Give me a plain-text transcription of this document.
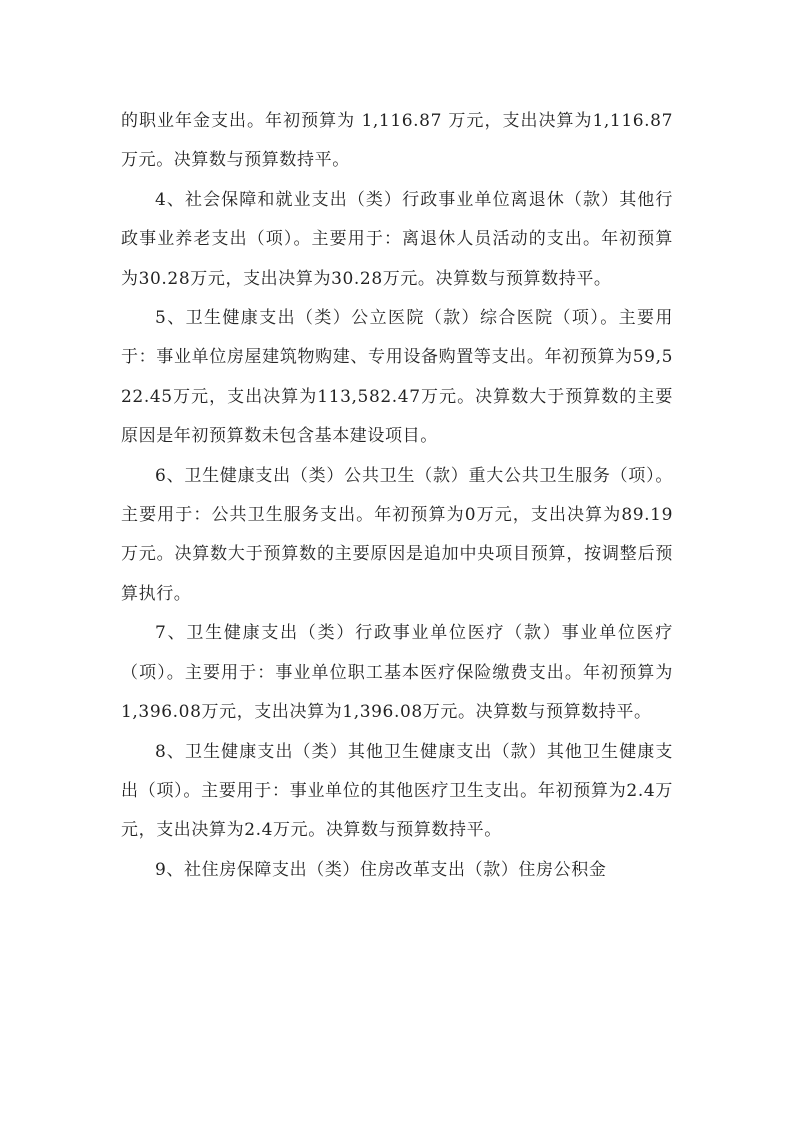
的职业年金支出。年初预算为 1,116.87 万元，支出决算为1,116.87万元。决算数与预算数持平。

4、社会保障和就业支出（类）行政事业单位离退休（款）其他行政事业养老支出（项）。主要用于：离退休人员活动的支出。年初预算为30.28万元，支出决算为30.28万元。决算数与预算数持平。

5、卫生健康支出（类）公立医院（款）综合医院（项）。主要用于：事业单位房屋建筑物购建、专用设备购置等支出。年初预算为59,522.45万元，支出决算为113,582.47万元。决算数大于预算数的主要原因是年初预算数未包含基本建设项目。

6、卫生健康支出（类）公共卫生（款）重大公共卫生服务（项）。主要用于：公共卫生服务支出。年初预算为0万元，支出决算为89.19万元。决算数大于预算数的主要原因是追加中央项目预算，按调整后预算执行。

7、卫生健康支出（类）行政事业单位医疗（款）事业单位医疗（项）。主要用于：事业单位职工基本医疗保险缴费支出。年初预算为1,396.08万元，支出决算为1,396.08万元。决算数与预算数持平。

8、卫生健康支出（类）其他卫生健康支出（款）其他卫生健康支出（项）。主要用于：事业单位的其他医疗卫生支出。年初预算为2.4万元，支出决算为2.4万元。决算数与预算数持平。

9、社住房保障支出（类）住房改革支出（款）住房公积金
